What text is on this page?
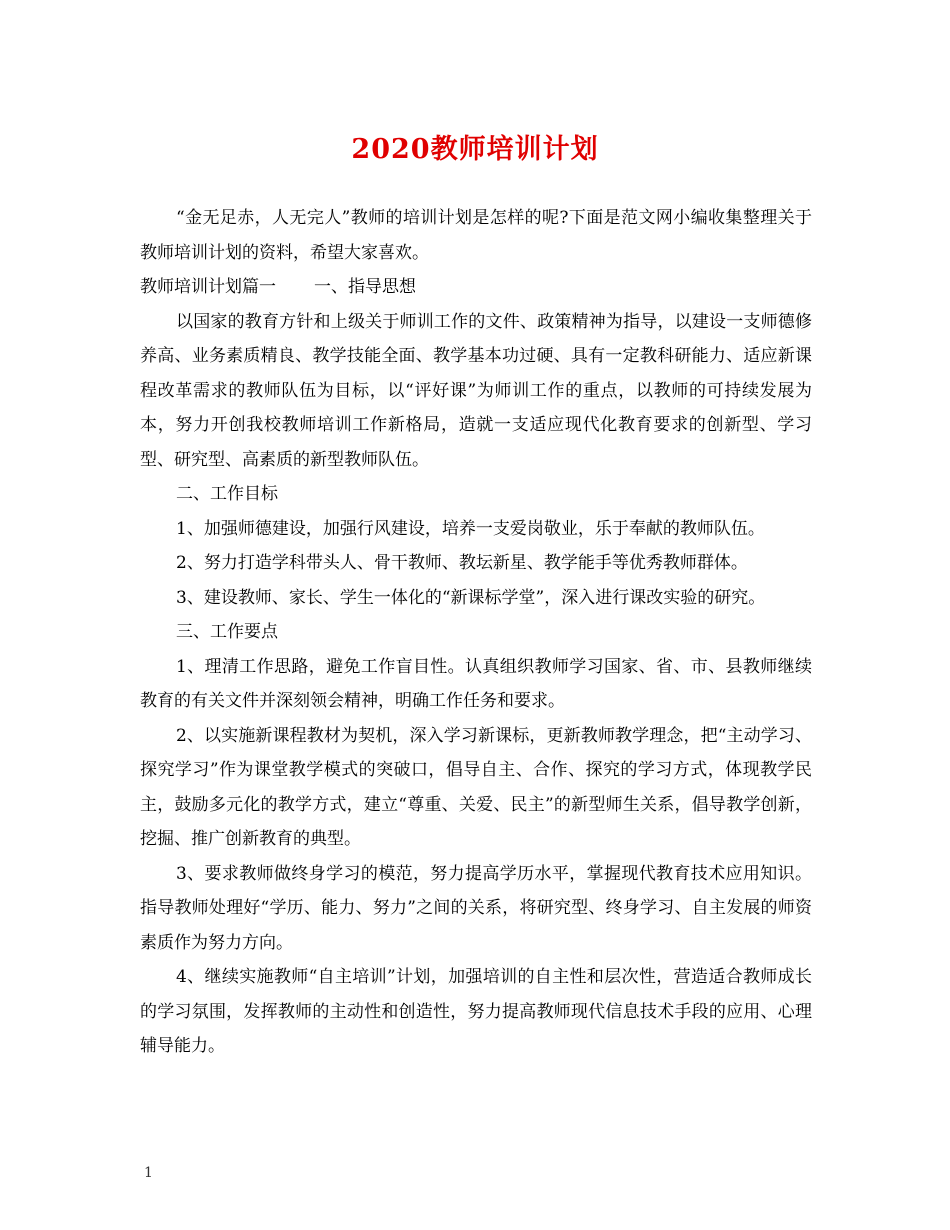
2020教师培训计划

“金无足赤，人无完人”教师的培训计划是怎样的呢?下面是范文网小编收集整理关于教师培训计划的资料，希望大家喜欢。

教师培训计划篇一 一、指导思想

以国家的教育方针和上级关于师训工作的文件、政策精神为指导，以建设一支师德修养高、业务素质精良、教学技能全面、教学基本功过硬、具有一定教科研能力、适应新课程改革需求的教师队伍为目标，以“评好课”为师训工作的重点，以教师的可持续发展为本，努力开创我校教师培训工作新格局，造就一支适应现代化教育要求的创新型、学习型、研究型、高素质的新型教师队伍。

二、工作目标

1、加强师德建设，加强行风建设，培养一支爱岗敬业，乐于奉献的教师队伍。

2、努力打造学科带头人、骨干教师、教坛新星、教学能手等优秀教师群体。

3、建设教师、家长、学生一体化的“新课标学堂”，深入进行课改实验的研究。

三、工作要点

1、理清工作思路，避免工作盲目性。认真组织教师学习国家、省、市、县教师继续教育的有关文件并深刻领会精神，明确工作任务和要求。

2、以实施新课程教材为契机，深入学习新课标，更新教师教学理念，把“主动学习、探究学习”作为课堂教学模式的突破口，倡导自主、合作、探究的学习方式，体现教学民主，鼓励多元化的教学方式，建立“尊重、关爱、民主”的新型师生关系，倡导教学创新，挖掘、推广创新教育的典型。

3、要求教师做终身学习的模范，努力提高学历水平，掌握现代教育技术应用知识。指导教师处理好“学历、能力、努力”之间的关系，将研究型、终身学习、自主发展的师资素质作为努力方向。

4、继续实施教师“自主培训”计划，加强培训的自主性和层次性，营造适合教师成长的学习氛围，发挥教师的主动性和创造性，努力提高教师现代信息技术手段的应用、心理辅导能力。

1
